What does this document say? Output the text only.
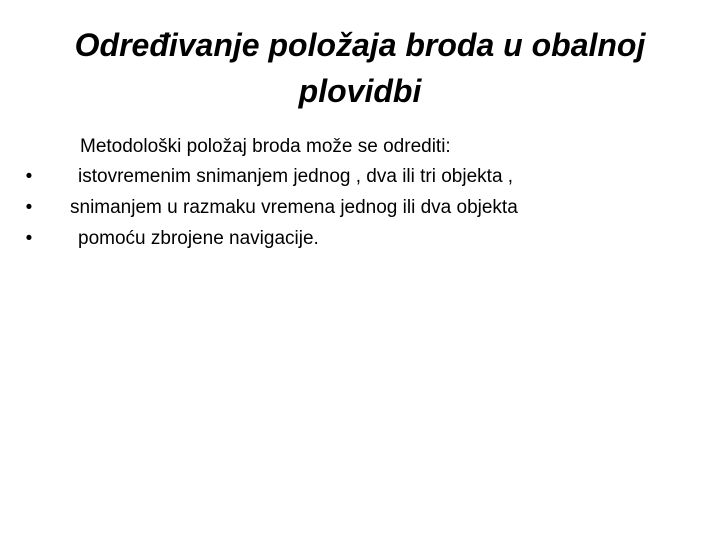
Određivanje položaja broda u obalnoj
plovidbi
Metodološki položaj broda može se odrediti:
• istovremenim snimanjem jednog , dva ili tri objekta ,
• snimanjem u razmaku vremena jednog ili dva objekta
• pomoću zbrojene navigacije.
